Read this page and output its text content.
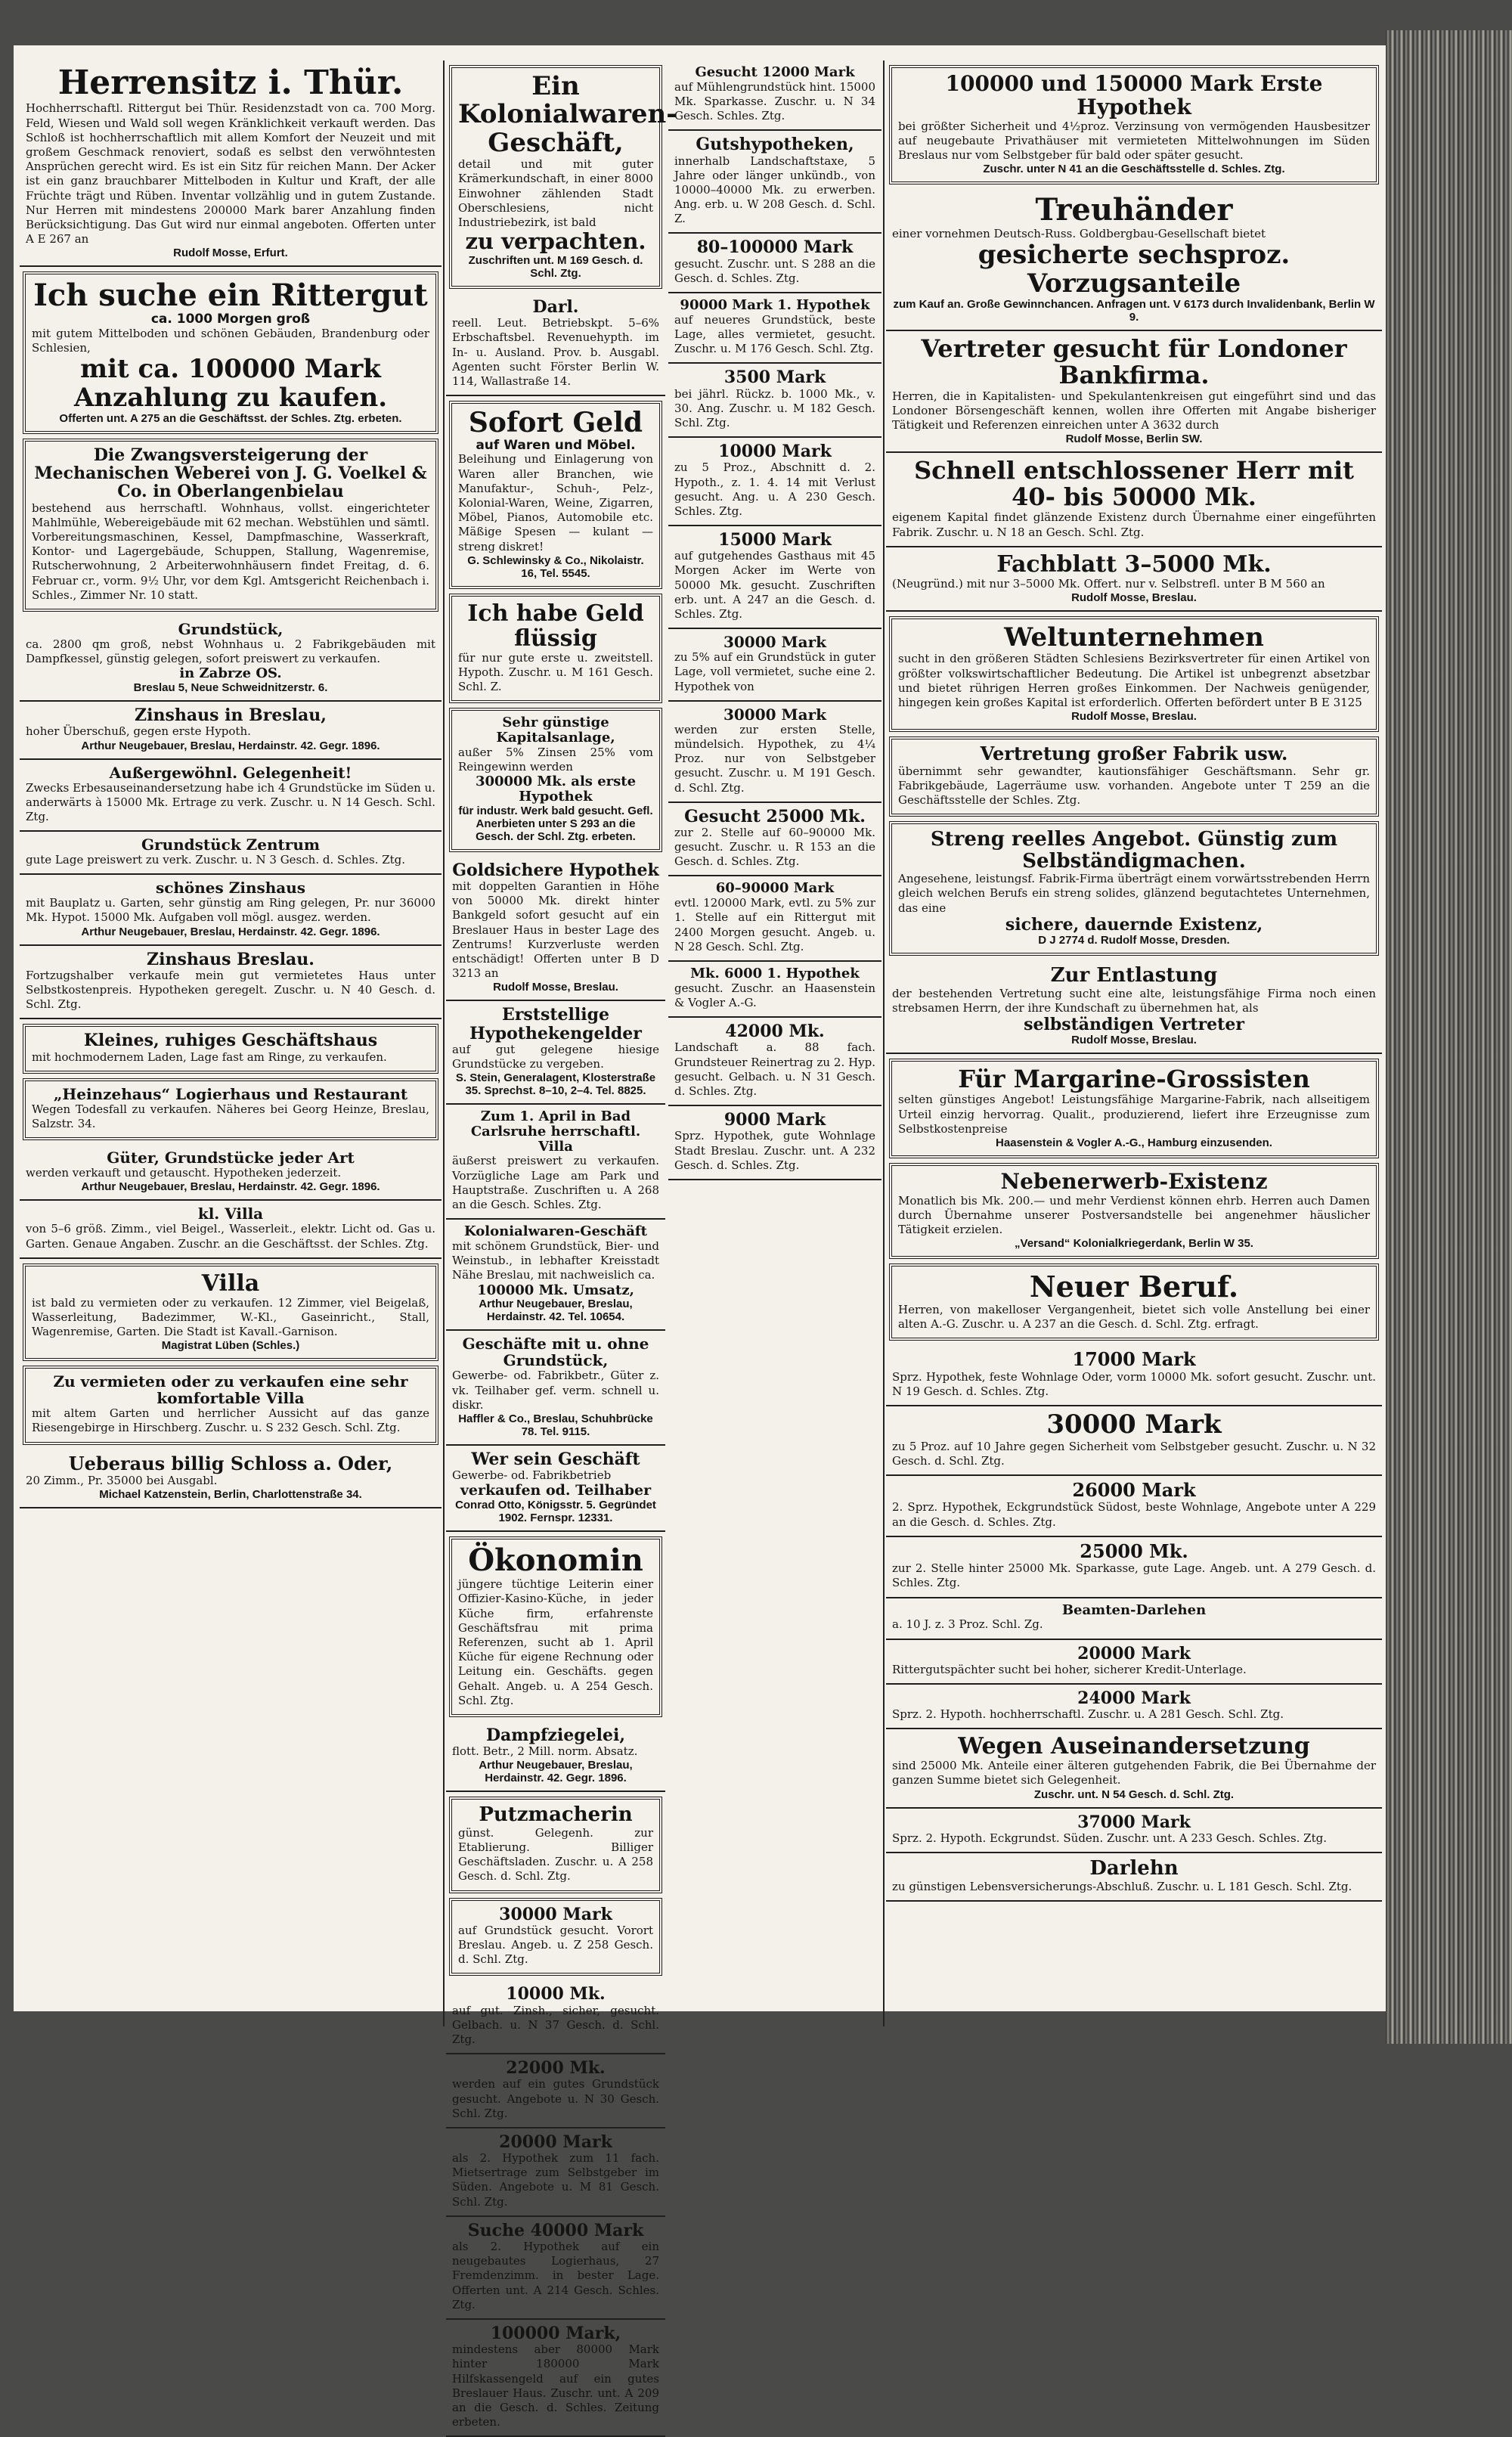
Herrensitz i. Thür.
Hochherrschaftl. Rittergut bei Thür. Residenzstadt von ca. 700 Morg. Feld, Wiesen und Wald soll wegen Kränklichkeit verkauft werden. Das Schloß ist hochherrschaftlich mit allem Komfort der Neuzeit und mit großem Geschmack renoviert, sodaß es selbst den verwöhntesten Ansprüchen gerecht wird. Es ist ein Sitz für reichen Mann. Der Acker ist ein ganz brauchbarer Mittelboden in Kultur und Kraft, der alle Früchte trägt und Rüben. Inventar vollzählig und in gutem Zustande. Nur Herren mit mindestens 200000 Mark barer Anzahlung finden Berücksichtigung. Das Gut wird nur einmal angeboten. Offerten unter A E 267 an
Rudolf Mosse, Erfurt.
Ich suche ein Rittergut
ca. 1000 Morgen groß
mit gutem Mittelboden und schönen Gebäuden, Brandenburg oder Schlesien,
mit ca. 100000 Mark Anzahlung zu kaufen.
Offerten unt. A 275 an die Geschäftsst. der Schles. Ztg. erbeten.
Die Zwangsversteigerung der Mechanischen Weberei von J. G. Voelkel & Co. in Oberlangenbielau
bestehend aus herrschaftl. Wohnhaus, vollst. eingerichteter Mahlmühle, Webereigebäude mit 62 mechan. Webstühlen und sämtl. Vorbereitungsmaschinen, Kessel, Dampfmaschine, Wasserkraft, Kontor- und Lagergebäude, Schuppen, Stallung, Wagenremise, Rutscherwohnung, 2 Arbeiterwohnhäusern findet Freitag, d. 6. Februar cr., vorm. 9½ Uhr, vor dem Kgl. Amtsgericht Reichenbach i. Schles., Zimmer Nr. 10 statt.
Grundstück,
ca. 2800 qm groß, nebst Wohnhaus u. 2 Fabrikgebäuden mit Dampfkessel, günstig gelegen, sofort preiswert zu verkaufen.
in Zabrze OS.
Breslau 5, Neue Schweidnitzerstr. 6.
Zinshaus in Breslau,
hoher Überschuß, gegen erste Hypoth.
Arthur Neugebauer, Breslau, Herdainstr. 42. Gegr. 1896.
Außergewöhnl. Gelegenheit!
Zwecks Erbesauseinandersetzung habe ich 4 Grundstücke im Süden u. anderwärts à 15000 Mk. Ertrage zu verk. Zuschr. u. N 14 Gesch. Schl. Ztg.
Grundstück Zentrum
gute Lage preiswert zu verk. Zuschr. u. N 3 Gesch. d. Schles. Ztg.
schönes Zinshaus
mit Bauplatz u. Garten, sehr günstig am Ring gelegen, Pr. nur 36000 Mk. Hypot. 15000 Mk. Aufgaben voll mögl. ausgez. werden.
Arthur Neugebauer, Breslau, Herdainstr. 42. Gegr. 1896.
Zinshaus Breslau.
Fortzugshalber verkaufe mein gut vermietetes Haus unter Selbstkostenpreis. Hypotheken geregelt. Zuschr. u. N 40 Gesch. d. Schl. Ztg.
Kleines, ruhiges Geschäftshaus
mit hochmodernem Laden, Lage fast am Ringe, zu verkaufen.
„Heinzehaus“ Logierhaus und Restaurant
Wegen Todesfall zu verkaufen. Näheres bei Georg Heinze, Breslau, Salzstr. 34.
Güter, Grundstücke jeder Art
werden verkauft und getauscht. Hypotheken jederzeit.
Arthur Neugebauer, Breslau, Herdainstr. 42. Gegr. 1896.
kl. Villa
von 5–6 größ. Zimm., viel Beigel., Wasserleit., elektr. Licht od. Gas u. Garten. Genaue Angaben. Zuschr. an die Geschäftsst. der Schles. Ztg.
Villa
ist bald zu vermieten oder zu verkaufen. 12 Zimmer, viel Beigelaß, Wasserleitung, Badezimmer, W.-Kl., Gaseinricht., Stall, Wagenremise, Garten. Die Stadt ist Kavall.-Garnison.
Magistrat Lüben (Schles.)
Zu vermieten oder zu verkaufen eine sehr komfortable Villa
mit altem Garten und herrlicher Aussicht auf das ganze Riesengebirge in Hirschberg. Zuschr. u. S 232 Gesch. Schl. Ztg.
Ueberaus billig Schloss a. Oder,
20 Zimm., Pr. 35000 bei Ausgabl.
Michael Katzenstein, Berlin, Charlottenstraße 34.
Ein Kolonialwaren-Geschäft,
detail und mit guter Krämerkundschaft, in einer 8000 Einwohner zählenden Stadt Oberschlesiens, nicht Industriebezirk, ist bald
zu verpachten.
Zuschriften unt. M 169 Gesch. d. Schl. Ztg.
Darl.
reell. Leut. Betriebskpt. 5–6% Erbschaftsbel. Revenuehypth. im In- u. Ausland. Prov. b. Ausgabl. Agenten sucht Förster Berlin W. 114, Wallastraße 14.
Sofort Geld
auf Waren und Möbel.
Beleihung und Einlagerung von Waren aller Branchen, wie Manufaktur-, Schuh-, Pelz-, Kolonial-Waren, Weine, Zigarren, Möbel, Pianos, Automobile etc. Mäßige Spesen — kulant — streng diskret!
G. Schlewinsky & Co., Nikolaistr. 16, Tel. 5545.
Ich habe Geld flüssig
für nur gute erste u. zweitstell. Hypoth. Zuschr. u. M 161 Gesch. Schl. Z.
Sehr günstige Kapitalsanlage,
außer 5% Zinsen 25% vom Reingewinn werden
300000 Mk. als erste Hypothek
für industr. Werk bald gesucht. Gefl. Anerbieten unter S 293 an die Gesch. der Schl. Ztg. erbeten.
Goldsichere Hypothek
mit doppelten Garantien in Höhe von 50000 Mk. direkt hinter Bankgeld sofort gesucht auf ein Breslauer Haus in bester Lage des Zentrums! Kurzverluste werden entschädigt! Offerten unter B D 3213 an
Rudolf Mosse, Breslau.
Erststellige Hypothekengelder
auf gut gelegene hiesige Grundstücke zu vergeben.
S. Stein, Generalagent, Klosterstraße 35. Sprechst. 8–10, 2–4. Tel. 8825.
Zum 1. April in Bad Carlsruhe herrschaftl. Villa
äußerst preiswert zu verkaufen. Vorzügliche Lage am Park und Hauptstraße. Zuschriften u. A 268 an die Gesch. Schles. Ztg.
Kolonialwaren-Geschäft
mit schönem Grundstück, Bier- und Weinstub., in lebhafter Kreisstadt Nähe Breslau, mit nachweislich ca.
100000 Mk. Umsatz,
Arthur Neugebauer, Breslau, Herdainstr. 42. Tel. 10654.
Geschäfte mit u. ohne Grundstück,
Gewerbe- od. Fabrikbetr., Güter z. vk. Teilhaber gef. verm. schnell u. diskr.
Haffler & Co., Breslau, Schuhbrücke 78. Tel. 9115.
Wer sein Geschäft
Gewerbe- od. Fabrikbetrieb
verkaufen od. Teilhaber
Conrad Otto, Königsstr. 5. Gegründet 1902. Fernspr. 12331.
Ökonomin
jüngere tüchtige Leiterin einer Offizier-Kasino-Küche, in jeder Küche firm, erfahrenste Geschäftsfrau mit prima Referenzen, sucht ab 1. April Küche für eigene Rechnung oder Leitung ein. Geschäfts. gegen Gehalt. Angeb. u. A 254 Gesch. Schl. Ztg.
Dampfziegelei,
flott. Betr., 2 Mill. norm. Absatz.
Arthur Neugebauer, Breslau, Herdainstr. 42. Gegr. 1896.
Putzmacherin
günst. Gelegenh. zur Etablierung. Billiger Geschäftsladen. Zuschr. u. A 258 Gesch. d. Schl. Ztg.
30000 Mark
auf Grundstück gesucht. Vorort Breslau. Angeb. u. Z 258 Gesch. d. Schl. Ztg.
10000 Mk.
auf gut. Zinsh., sicher, gesucht. Gelbach. u. N 37 Gesch. d. Schl. Ztg.
22000 Mk.
werden auf ein gutes Grundstück gesucht. Angebote u. N 30 Gesch. Schl. Ztg.
20000 Mark
als 2. Hypothek zum 11 fach. Mietsertrage zum Selbstgeber im Süden. Angebote u. M 81 Gesch. Schl. Ztg.
Suche 40000 Mark
als 2. Hypothek auf ein neugebautes Logierhaus, 27 Fremdenzimm. in bester Lage. Offerten unt. A 214 Gesch. Schles. Ztg.
100000 Mark,
mindestens aber 80000 Mark hinter 180000 Mark Hilfskassengeld auf ein gutes Breslauer Haus. Zuschr. unt. A 209 an die Gesch. d. Schles. Zeitung erbeten.
Gesucht 12000 Mark
auf Mühlengrundstück hint. 15000 Mk. Sparkasse. Zuschr. u. N 34 Gesch. Schles. Ztg.
Gutshypotheken,
innerhalb Landschaftstaxe, 5 Jahre oder länger unkündb., von 10000–40000 Mk. zu erwerben. Ang. erb. u. W 208 Gesch. d. Schl. Z.
80–100000 Mark
gesucht. Zuschr. unt. S 288 an die Gesch. d. Schles. Ztg.
90000 Mark 1. Hypothek
auf neueres Grundstück, beste Lage, alles vermietet, gesucht. Zuschr. u. M 176 Gesch. Schl. Ztg.
3500 Mark
bei jährl. Rückz. b. 1000 Mk., v. 30. Ang. Zuschr. u. M 182 Gesch. Schl. Ztg.
10000 Mark
zu 5 Proz., Abschnitt d. 2. Hypoth., z. 1. 4. 14 mit Verlust gesucht. Ang. u. A 230 Gesch. Schles. Ztg.
15000 Mark
auf gutgehendes Gasthaus mit 45 Morgen Acker im Werte von 50000 Mk. gesucht. Zuschriften erb. unt. A 247 an die Gesch. d. Schles. Ztg.
30000 Mark
zu 5% auf ein Grundstück in guter Lage, voll vermietet, suche eine 2. Hypothek von
30000 Mark
werden zur ersten Stelle, mündelsich. Hypothek, zu 4¼ Proz. nur von Selbstgeber gesucht. Zuschr. u. M 191 Gesch. d. Schl. Ztg.
Gesucht 25000 Mk.
zur 2. Stelle auf 60–90000 Mk. gesucht. Zuschr. u. R 153 an die Gesch. d. Schles. Ztg.
60–90000 Mark
evtl. 120000 Mark, evtl. zu 5% zur 1. Stelle auf ein Rittergut mit 2400 Morgen gesucht. Angeb. u. N 28 Gesch. Schl. Ztg.
Mk. 6000 1. Hypothek
gesucht. Zuschr. an Haasenstein & Vogler A.-G.
42000 Mk.
Landschaft a. 88 fach. Grundsteuer Reinertrag zu 2. Hyp. gesucht. Gelbach. u. N 31 Gesch. d. Schles. Ztg.
9000 Mark
Sprz. Hypothek, gute Wohnlage Stadt Breslau. Zuschr. unt. A 232 Gesch. d. Schles. Ztg.
100000 und 150000 Mark Erste Hypothek
bei größter Sicherheit und 4½proz. Verzinsung von vermögenden Hausbesitzer auf neugebaute Privathäuser mit vermieteten Mittelwohnungen im Süden Breslaus nur vom Selbstgeber für bald oder später gesucht.
Zuschr. unter N 41 an die Geschäftsstelle d. Schles. Ztg.
Treuhänder
einer vornehmen Deutsch-Russ. Goldbergbau-Gesellschaft bietet
gesicherte sechsproz. Vorzugsanteile
zum Kauf an. Große Gewinnchancen. Anfragen unt. V 6173 durch Invalidenbank, Berlin W 9.
Vertreter gesucht für Londoner Bankfirma.
Herren, die in Kapitalisten- und Spekulantenkreisen gut eingeführt sind und das Londoner Börsengeschäft kennen, wollen ihre Offerten mit Angabe bisheriger Tätigkeit und Referenzen einreichen unter A 3632 durch
Rudolf Mosse, Berlin SW.
Schnell entschlossener Herr mit 40- bis 50000 Mk.
eigenem Kapital findet glänzende Existenz durch Übernahme einer eingeführten Fabrik. Zuschr. u. N 18 an Gesch. Schl. Ztg.
Fachblatt 3–5000 Mk.
(Neugründ.) mit nur 3–5000 Mk. Offert. nur v. Selbstrefl. unter B M 560 an
Rudolf Mosse, Breslau.
Weltunternehmen
sucht in den größeren Städten Schlesiens Bezirksvertreter für einen Artikel von größter volkswirtschaftlicher Bedeutung. Die Artikel ist unbegrenzt absetzbar und bietet rührigen Herren großes Einkommen. Der Nachweis genügender, hingegen kein großes Kapital ist erforderlich. Offerten befördert unter B E 3125
Rudolf Mosse, Breslau.
Vertretung großer Fabrik usw.
übernimmt sehr gewandter, kautionsfähiger Geschäftsmann. Sehr gr. Fabrikgebäude, Lagerräume usw. vorhanden. Angebote unter T 259 an die Geschäftsstelle der Schles. Ztg.
Streng reelles Angebot. Günstig zum Selbständigmachen.
Angesehene, leistungsf. Fabrik-Firma überträgt einem vorwärtsstrebenden Herrn gleich welchen Berufs ein streng solides, glänzend begutachtetes Unternehmen, das eine
sichere, dauernde Existenz,
D J 2774 d. Rudolf Mosse, Dresden.
Zur Entlastung
der bestehenden Vertretung sucht eine alte, leistungsfähige Firma noch einen strebsamen Herrn, der ihre Kundschaft zu übernehmen hat, als
selbständigen Vertreter
Rudolf Mosse, Breslau.
Für Margarine-Grossisten
selten günstiges Angebot! Leistungsfähige Margarine-Fabrik, nach allseitigem Urteil einzig hervorrag. Qualit., produzierend, liefert ihre Erzeugnisse zum Selbstkostenpreise
Haasenstein & Vogler A.-G., Hamburg einzusenden.
Nebenerwerb-Existenz
Monatlich bis Mk. 200.— und mehr Verdienst können ehrb. Herren auch Damen durch Übernahme unserer Postversandstelle bei angenehmer häuslicher Tätigkeit erzielen.
„Versand“ Kolonialkriegerdank, Berlin W 35.
Neuer Beruf.
Herren, von makelloser Vergangenheit, bietet sich volle Anstellung bei einer alten A.-G. Zuschr. u. A 237 an die Gesch. d. Schl. Ztg. erfragt.
17000 Mark
Sprz. Hypothek, feste Wohnlage Oder, vorm 10000 Mk. sofort gesucht. Zuschr. unt. N 19 Gesch. d. Schles. Ztg.
30000 Mark
zu 5 Proz. auf 10 Jahre gegen Sicherheit vom Selbstgeber gesucht. Zuschr. u. N 32 Gesch. d. Schl. Ztg.
26000 Mark
2. Sprz. Hypothek, Eckgrundstück Südost, beste Wohnlage, Angebote unter A 229 an die Gesch. d. Schles. Ztg.
25000 Mk.
zur 2. Stelle hinter 25000 Mk. Sparkasse, gute Lage. Angeb. unt. A 279 Gesch. d. Schles. Ztg.
Beamten-Darlehen
a. 10 J. z. 3 Proz. Schl. Zg.
20000 Mark
Rittergutspächter sucht bei hoher, sicherer Kredit-Unterlage.
24000 Mark
Sprz. 2. Hypoth. hochherrschaftl. Zuschr. u. A 281 Gesch. Schl. Ztg.
Wegen Auseinandersetzung
sind 25000 Mk. Anteile einer älteren gutgehenden Fabrik, die Bei Übernahme der ganzen Summe bietet sich Gelegenheit.
Zuschr. unt. N 54 Gesch. d. Schl. Ztg.
37000 Mark
Sprz. 2. Hypoth. Eckgrundst. Süden. Zuschr. unt. A 233 Gesch. Schles. Ztg.
Darlehn
zu günstigen Lebensversicherungs-Abschluß. Zuschr. u. L 181 Gesch. Schl. Ztg.
